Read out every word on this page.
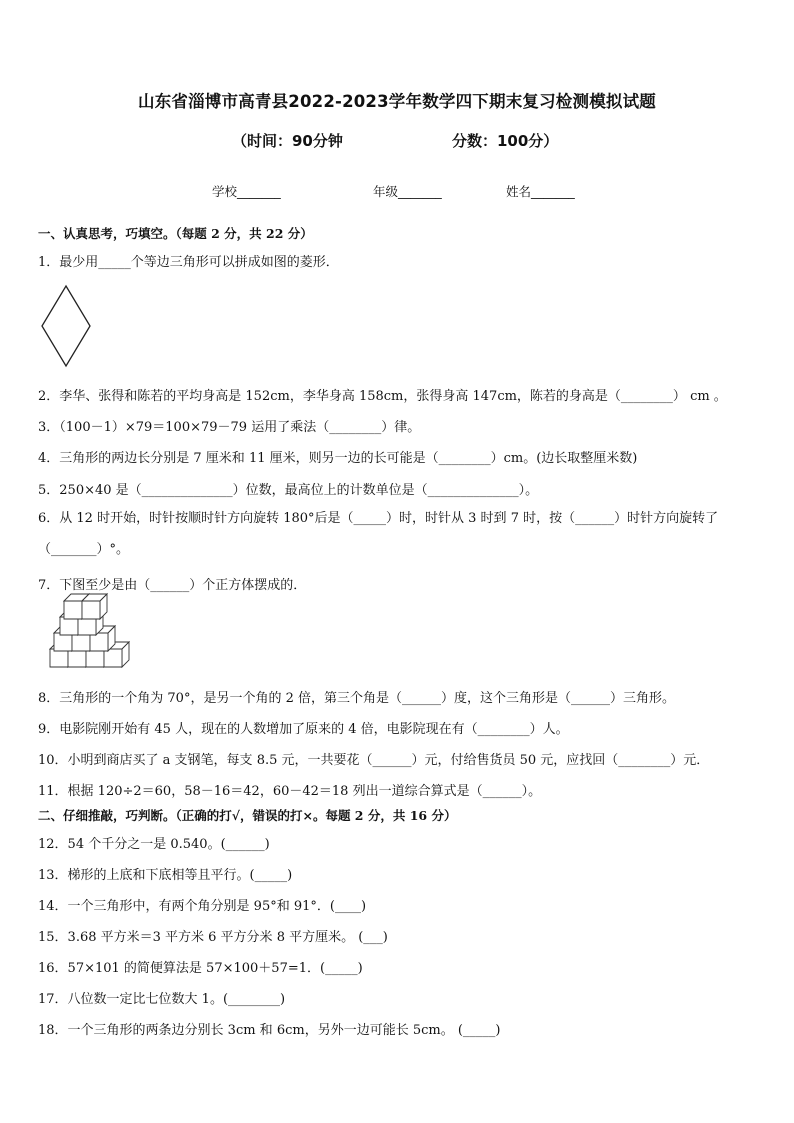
山东省淄博市高青县2022-2023学年数学四下期末复习检测模拟试题
（时间：90分钟	分数：100分）
学校_______	年级_______	姓名_______
一、认真思考，巧填空。（每题 2 分，共 22 分）
1．最少用_____个等边三角形可以拼成如图的菱形．
2．李华、张得和陈若的平均身高是 152cm，李华身高 158cm，张得身高 147cm，陈若的身高是（________） cm 。
3．（100－1）×79＝100×79－79 运用了乘法（________）律。
4．三角形的两边长分别是 7 厘米和 11 厘米，则另一边的长可能是（________）cm。(边长取整厘米数)
5．250×40 是（______________）位数，最高位上的计数单位是（______________）。
6．从 12 时开始，时针按顺时针方向旋转 180°后是（_____）时，时针从 3 时到 7 时，按（______）时针方向旋转了（_______）°。
7．下图至少是由（______）个正方体摆成的．
8．三角形的一个角为 70°，是另一个角的 2 倍，第三个角是（______）度，这个三角形是（______）三角形。
9．电影院刚开始有 45 人，现在的人数增加了原来的 4 倍，电影院现在有（________）人。
10．小明到商店买了 a 支钢笔，每支 8.5 元，一共要花（______）元，付给售货员 50 元，应找回（________）元．
11．根据 120÷2＝60，58－16＝42，60－42＝18 列出一道综合算式是（______）。
二、仔细推敲，巧判断。（正确的打√，错误的打×。每题 2 分，共 16 分）
12．54 个千分之一是 0.540。(______)
13．梯形的上底和下底相等且平行。(_____)
14．一个三角形中，有两个角分别是 95°和 91°．(____)
15．3.68 平方米＝3 平方米 6 平方分米 8 平方厘米。 (___)
16．57×101 的简便算法是 57×100＋57=1．(_____)
17．八位数一定比七位数大 1。(________)
18．一个三角形的两条边分别长 3cm 和 6cm，另外一边可能长 5cm。 (_____)
